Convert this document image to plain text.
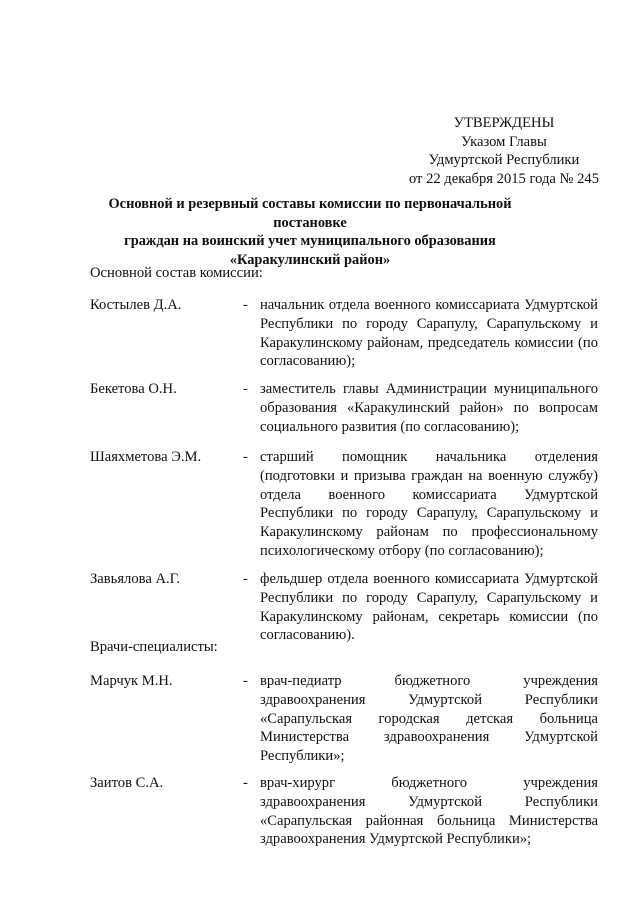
УТВЕРЖДЕНЫ
Указом Главы
Удмуртской Республики
от 22 декабря 2015 года № 245
Основной и резервный составы комиссии по первоначальной постановке
граждан на воинский учет муниципального образования
«Каракулинский район»
Основной состав комиссии:
Костылев Д.А.	- начальник отдела военного комиссариата Удмуртской Республики по городу Сарапулу, Сарапульскому и Каракулинскому районам, председатель комиссии (по согласованию);
Бекетова О.Н.	- заместитель главы Администрации муниципального образования «Каракулинский район» по вопросам социального развития (по согласованию);
Шаяхметова Э.М.	- старший помощник начальника отделения (подготовки и призыва граждан на военную службу) отдела военного комиссариата Удмуртской Республики по городу Сарапулу, Сарапульскому и Каракулинскому районам по профессиональному психологическому отбору (по согласованию);
Завьялова А.Г.	- фельдшер отдела военного комиссариата Удмуртской Республики по городу Сарапулу, Сарапульскому и Каракулинскому районам, секретарь комиссии (по согласованию).
Врачи-специалисты:
Марчук М.Н.	- врач-педиатр бюджетного учреждения здравоохранения Удмуртской Республики «Сарапульская городская детская больница Министерства здравоохранения Удмуртской Республики»;
Заитов С.А.	- врач-хирург бюджетного учреждения здравоохранения Удмуртской Республики «Сарапульская районная больница Министерства здравоохранения Удмуртской Республики»;
